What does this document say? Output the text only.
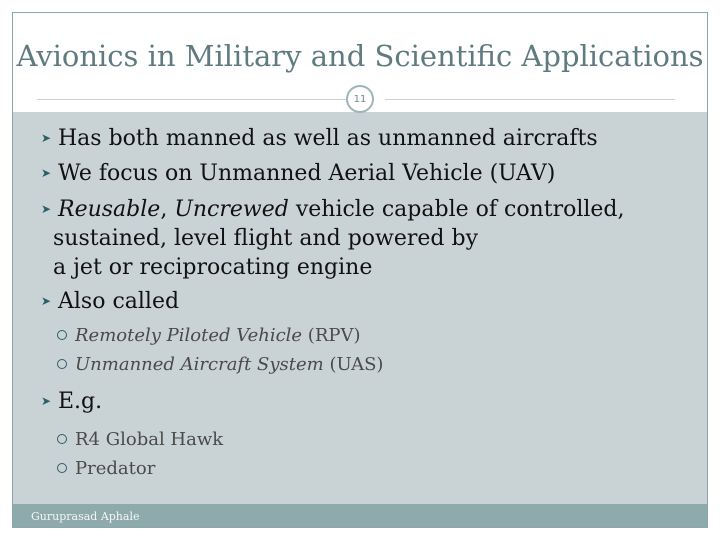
Avionics in Military and Scientific Applications
➤ Has both manned as well as unmanned aircrafts
➤ We focus on Unmanned Aerial Vehicle (UAV)
➤ Reusable, Uncrewed vehicle capable of controlled,
sustained, level flight and powered by
a jet or reciprocating engine
➤ Also called
Remotely Piloted Vehicle (RPV)
Unmanned Aircraft System (UAS)
➤ E.g.
R4 Global Hawk
Predator
11
Guruprasad Aphale
